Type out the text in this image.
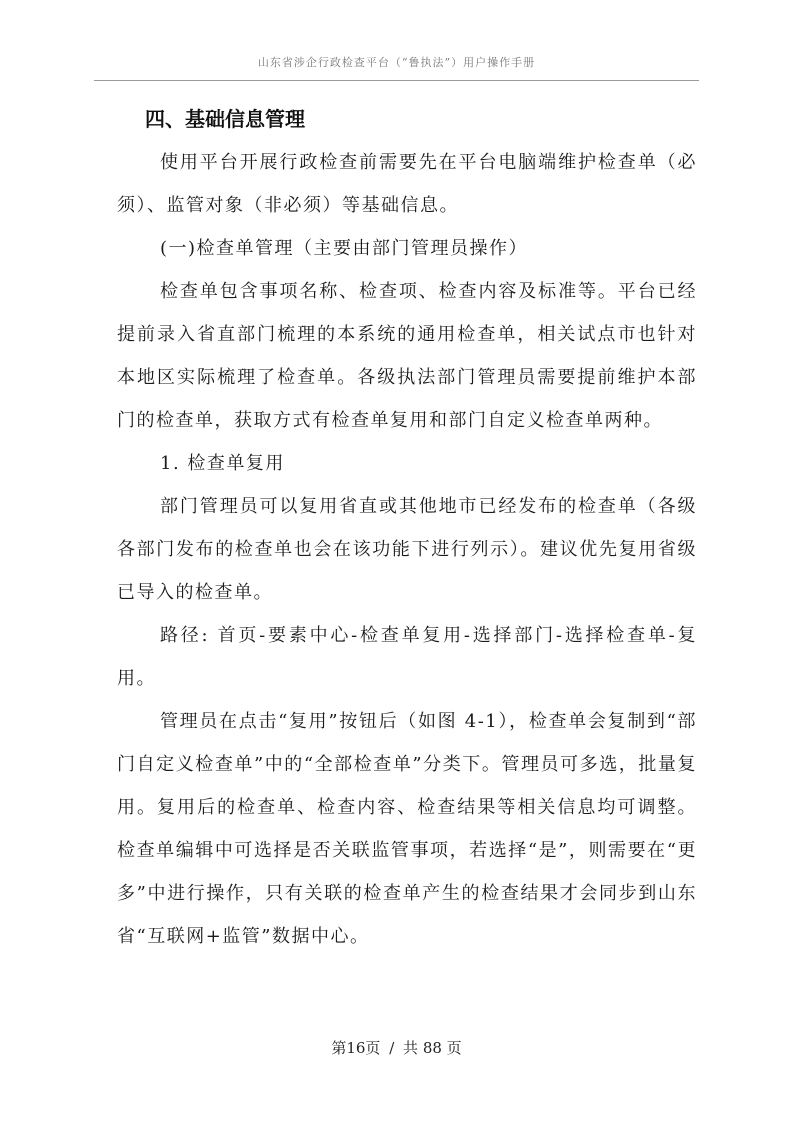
山东省涉企行政检查平台（“鲁执法”）用户操作手册
四、基础信息管理

使用平台开展行政检查前需要先在平台电脑端维护检查单（必须）、监管对象（非必须）等基础信息。

(一)检查单管理（主要由部门管理员操作）

检查单包含事项名称、检查项、检查内容及标准等。平台已经提前录入省直部门梳理的本系统的通用检查单，相关试点市也针对本地区实际梳理了检查单。各级执法部门管理员需要提前维护本部门的检查单，获取方式有检查单复用和部门自定义检查单两种。

1. 检查单复用

部门管理员可以复用省直或其他地市已经发布的检查单（各级各部门发布的检查单也会在该功能下进行列示）。建议优先复用省级已导入的检查单。

路径: 首页-要素中心-检查单复用-选择部门-选择检查单-复用。

管理员在点击“复用”按钮后（如图 4-1），检查单会复制到“部门自定义检查单”中的“全部检查单”分类下。管理员可多选，批量复用。复用后的检查单、检查内容、检查结果等相关信息均可调整。检查单编辑中可选择是否关联监管事项，若选择“是”，则需要在“更多”中进行操作，只有关联的检查单产生的检查结果才会同步到山东省“互联网+监管”数据中心。

第16页 / 共 88 页
